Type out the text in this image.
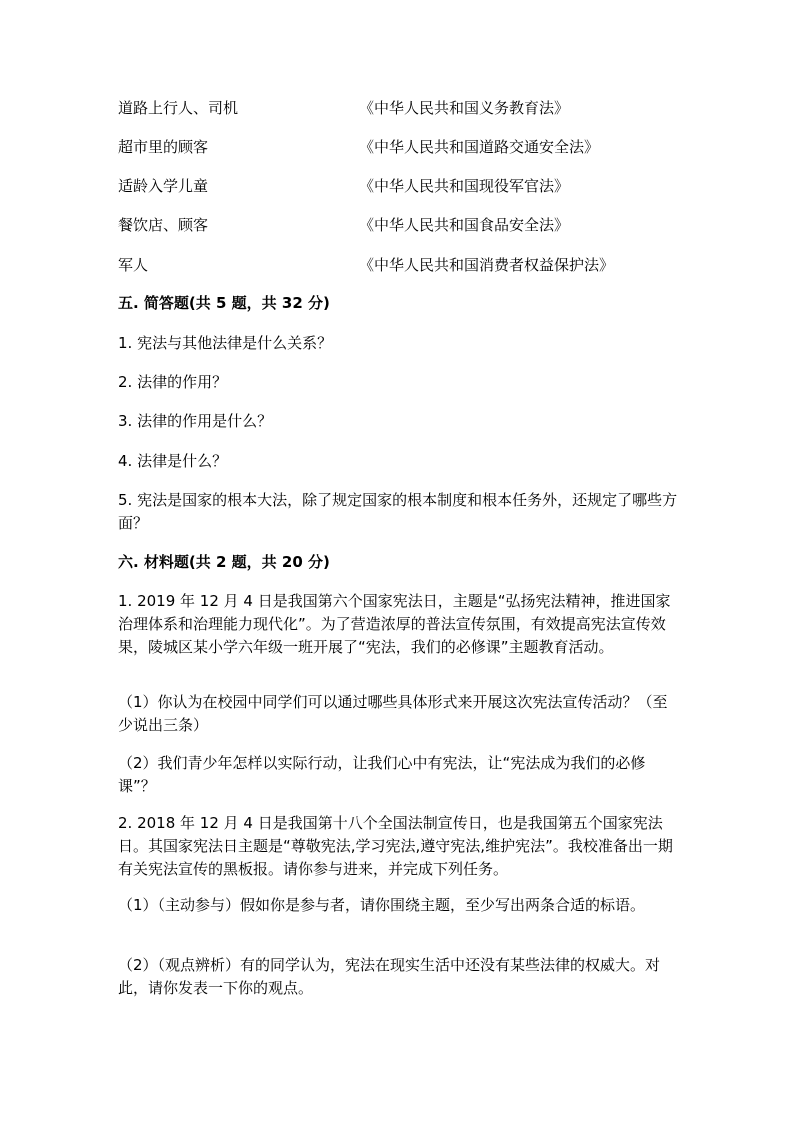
道路上行人、司机	《中华人民共和国义务教育法》
超市里的顾客	《中华人民共和国道路交通安全法》
适龄入学儿童	《中华人民共和国现役军官法》
餐饮店、顾客	《中华人民共和国食品安全法》
军人	《中华人民共和国消费者权益保护法》
五. 简答题(共 5 题，共 32 分)
1. 宪法与其他法律是什么关系？
2. 法律的作用？
3. 法律的作用是什么？
4. 法律是什么？
5. 宪法是国家的根本大法，除了规定国家的根本制度和根本任务外，还规定了哪些方面？
六. 材料题(共 2 题，共 20 分)
1. 2019 年 12 月 4 日是我国第六个国家宪法日，主题是“弘扬宪法精神，推进国家治理体系和治理能力现代化”。为了营造浓厚的普法宣传氛围，有效提高宪法宣传效果，陵城区某小学六年级一班开展了“宪法，我们的必修课”主题教育活动。
（1）你认为在校园中同学们可以通过哪些具体形式来开展这次宪法宣传活动？（至少说出三条）
（2）我们青少年怎样以实际行动，让我们心中有宪法，让“宪法成为我们的必修课”？
2. 2018 年 12 月 4 日是我国第十八个全国法制宣传日，也是我国第五个国家宪法日。其国家宪法日主题是“尊敬宪法,学习宪法,遵守宪法,维护宪法”。我校准备出一期有关宪法宣传的黑板报。请你参与进来，并完成下列任务。
（1）（主动参与）假如你是参与者，请你围绕主题，至少写出两条合适的标语。
（2）（观点辨析）有的同学认为，宪法在现实生活中还没有某些法律的权威大。对此，请你发表一下你的观点。
